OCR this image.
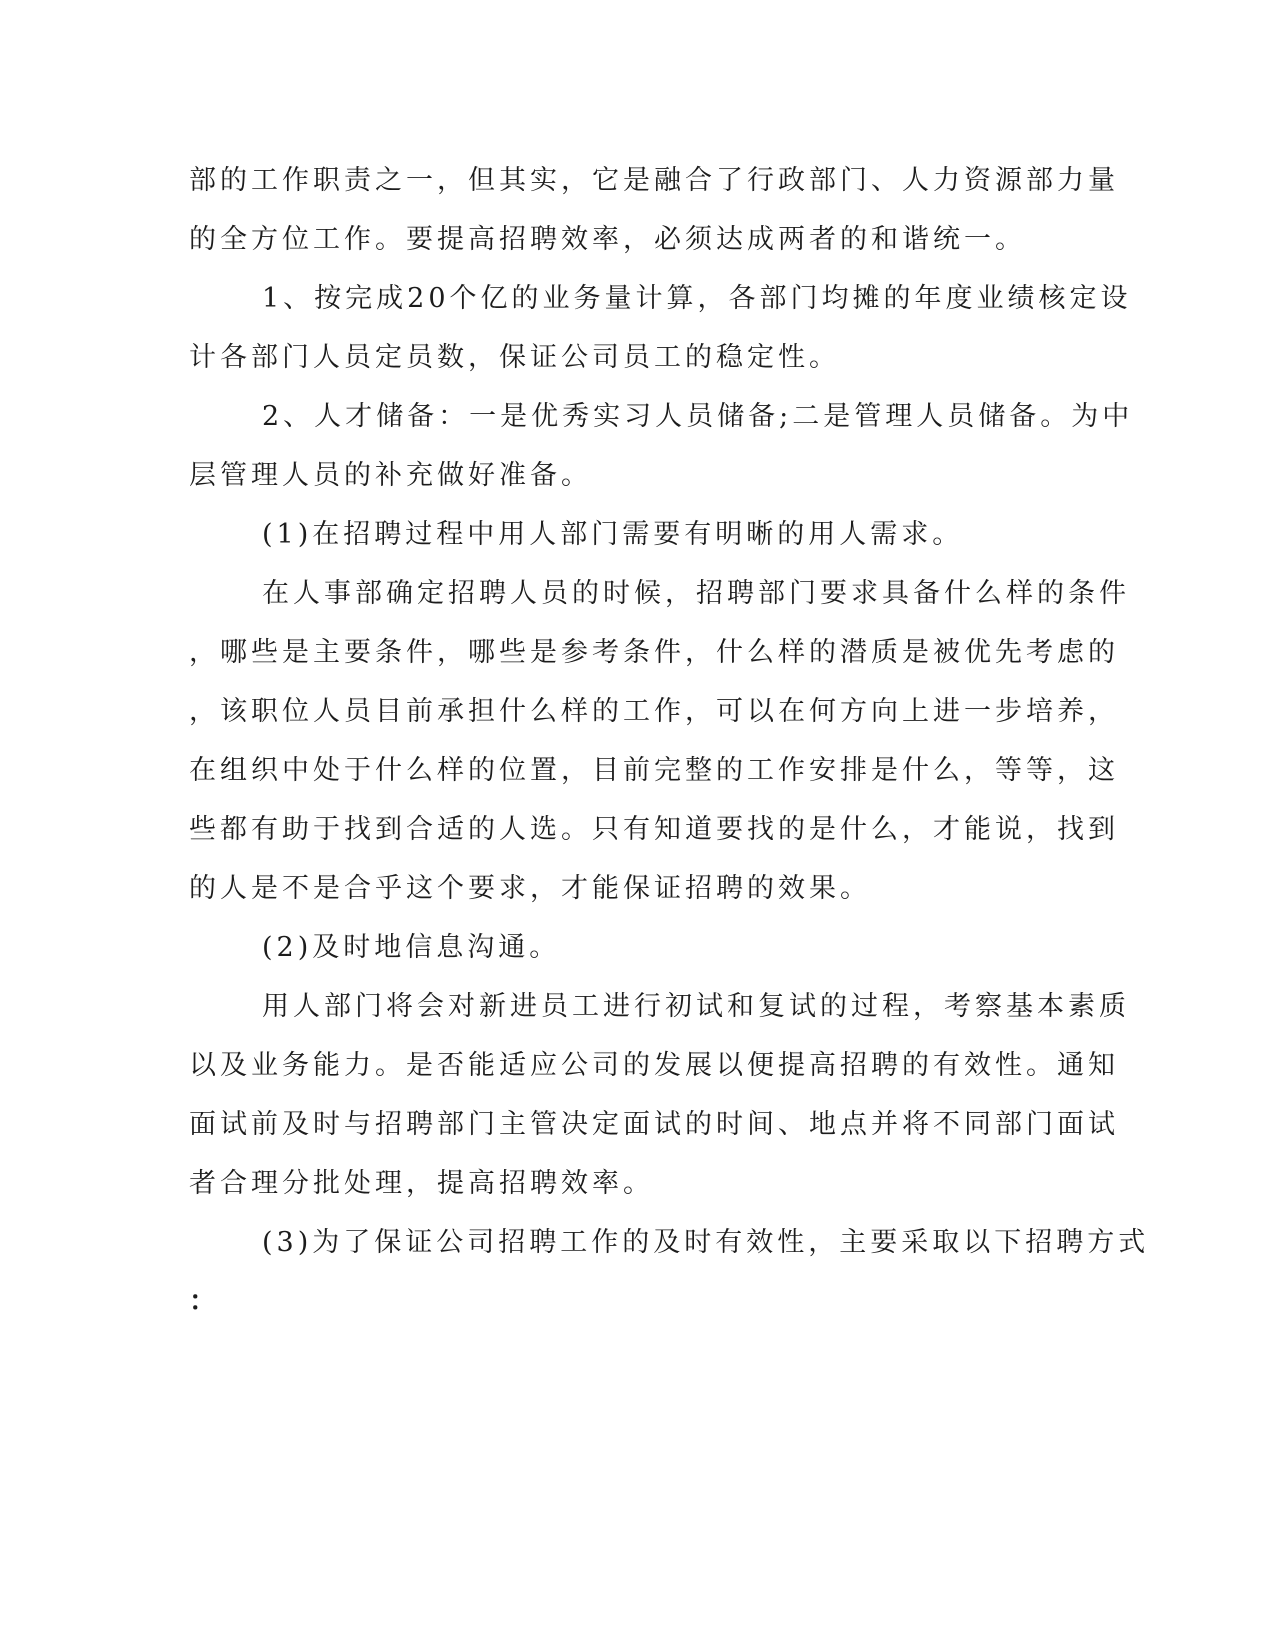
部的工作职责之一，但其实，它是融合了行政部门、人力资源部力量
的全方位工作。要提高招聘效率，必须达成两者的和谐统一。
1、按完成20个亿的业务量计算，各部门均摊的年度业绩核定设
计各部门人员定员数，保证公司员工的稳定性。
2、人才储备：一是优秀实习人员储备;二是管理人员储备。为中
层管理人员的补充做好准备。
(1)在招聘过程中用人部门需要有明晰的用人需求。
在人事部确定招聘人员的时候，招聘部门要求具备什么样的条件
，哪些是主要条件，哪些是参考条件，什么样的潜质是被优先考虑的
，该职位人员目前承担什么样的工作，可以在何方向上进一步培养，
在组织中处于什么样的位置，目前完整的工作安排是什么，等等，这
些都有助于找到合适的人选。只有知道要找的是什么，才能说，找到
的人是不是合乎这个要求，才能保证招聘的效果。
(2)及时地信息沟通。
用人部门将会对新进员工进行初试和复试的过程，考察基本素质
以及业务能力。是否能适应公司的发展以便提高招聘的有效性。通知
面试前及时与招聘部门主管决定面试的时间、地点并将不同部门面试
者合理分批处理，提高招聘效率。
(3)为了保证公司招聘工作的及时有效性，主要采取以下招聘方式
：
